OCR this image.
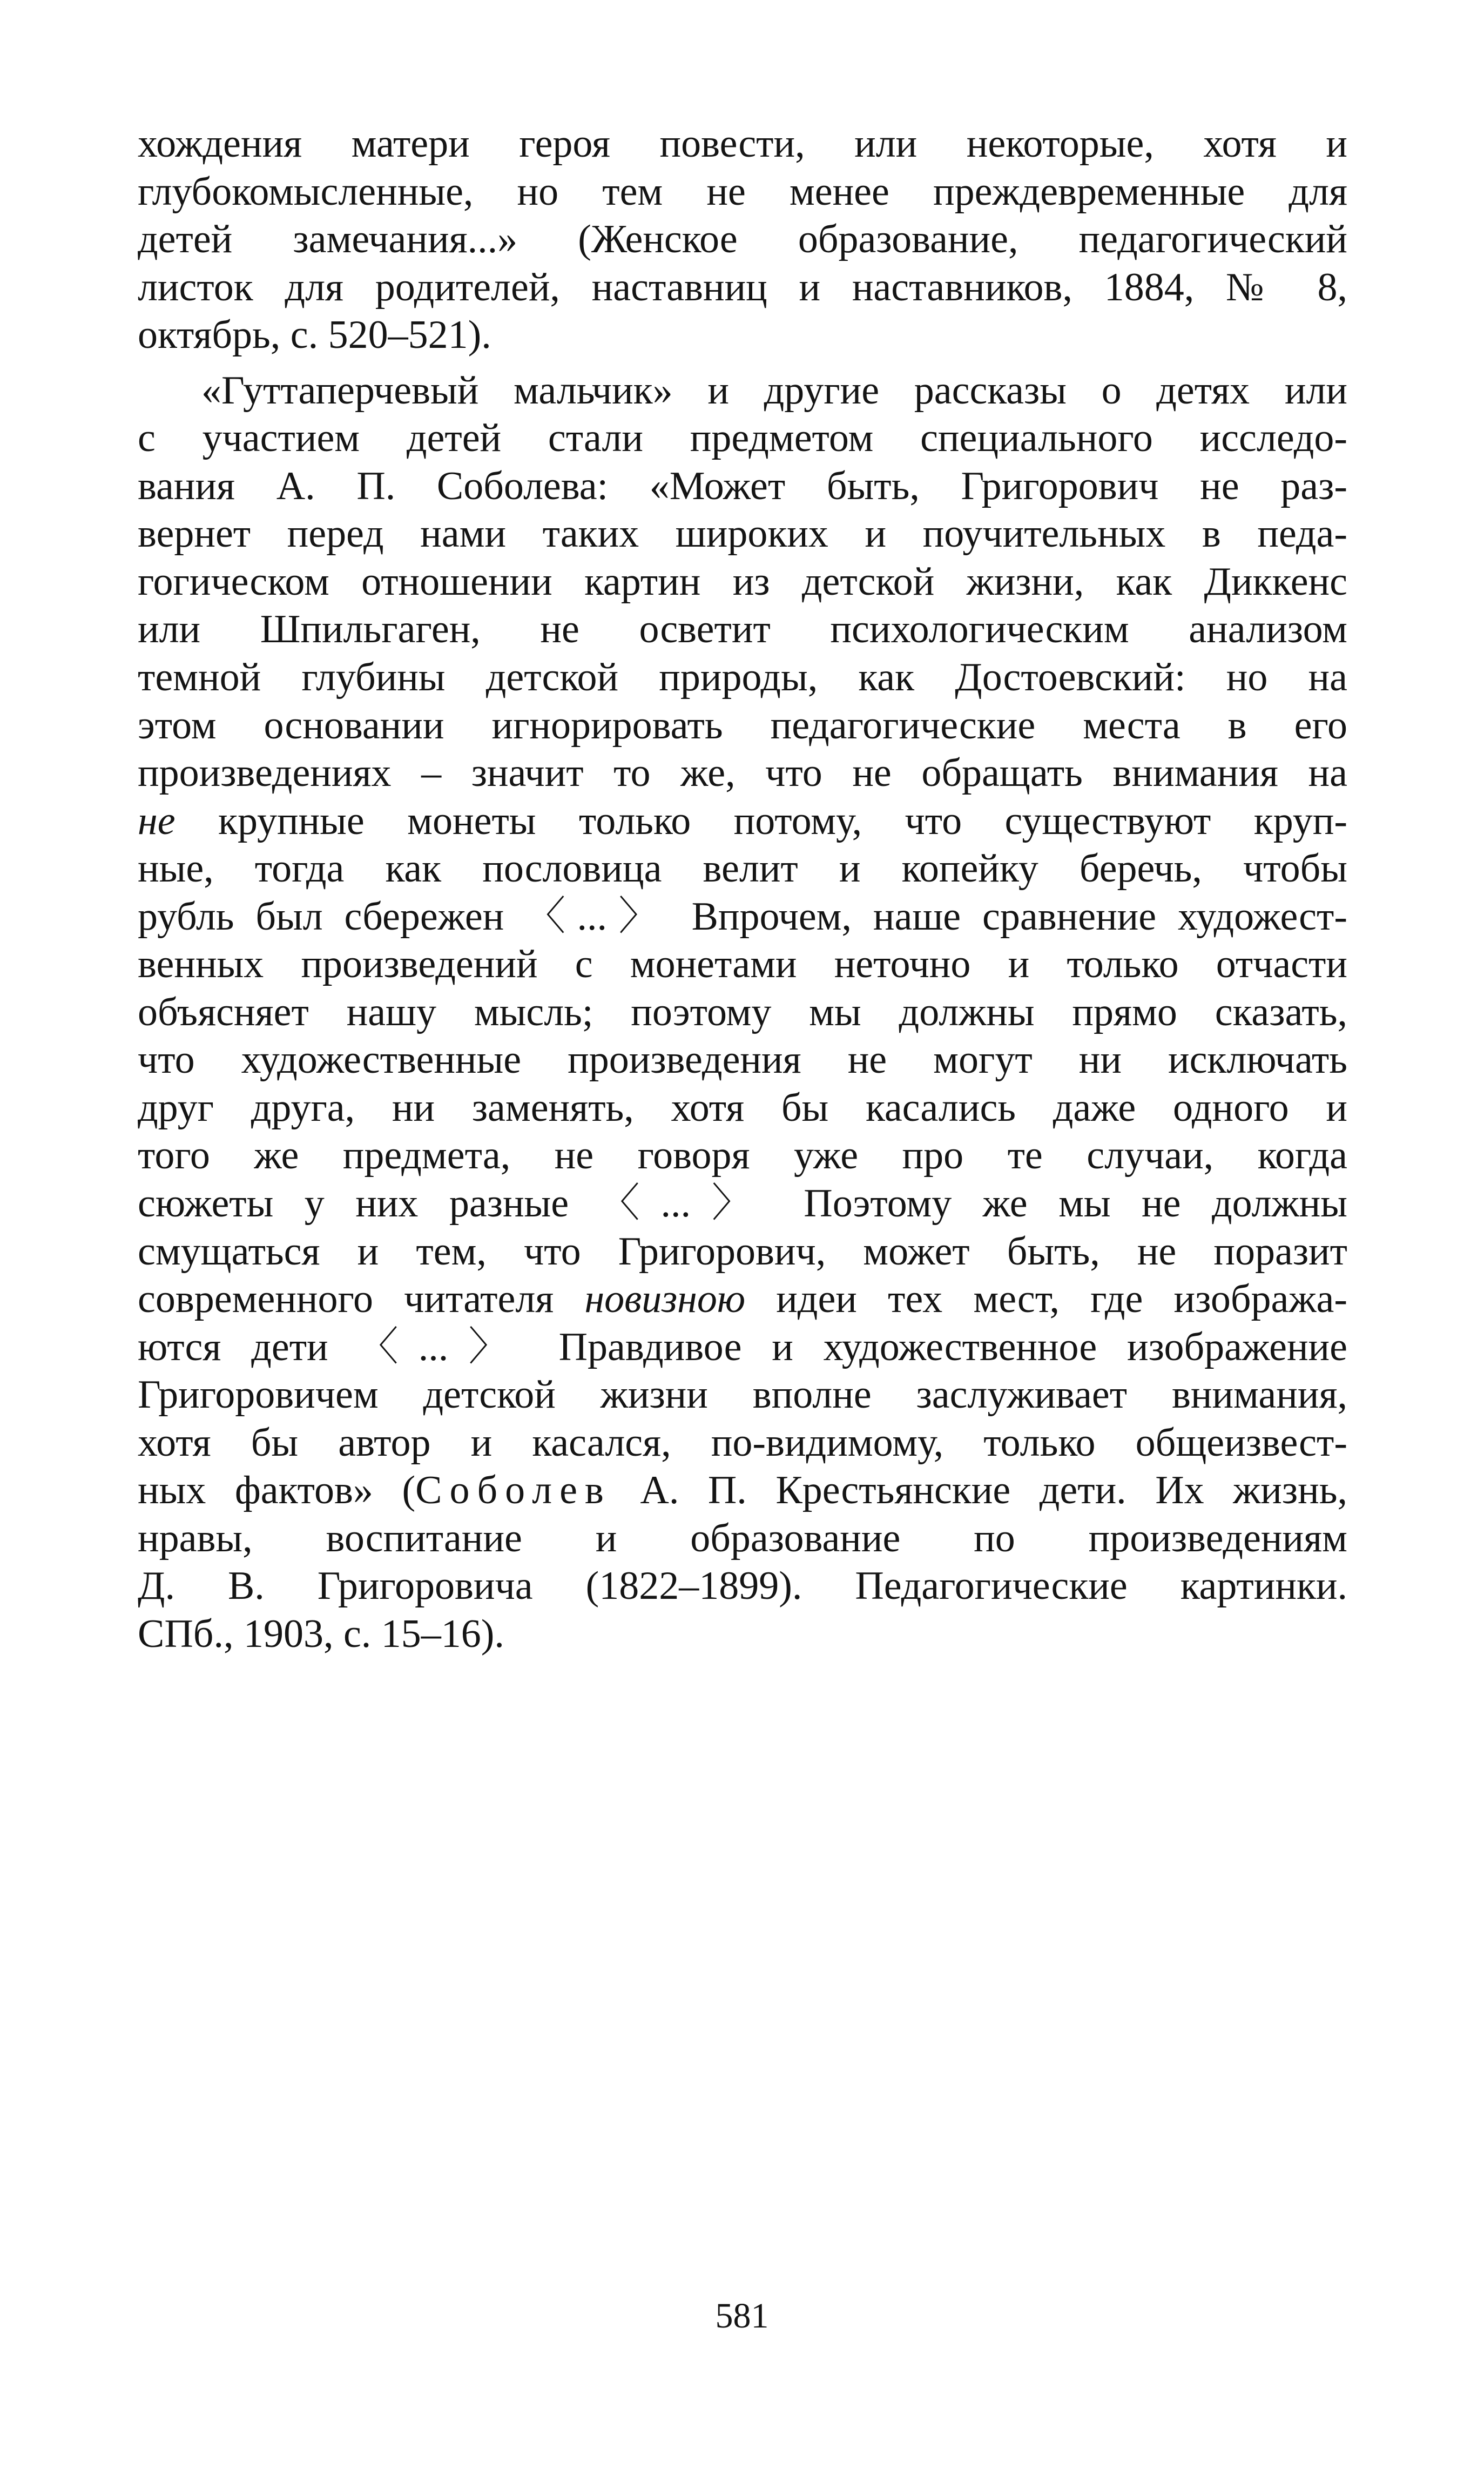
хождения матери героя повести, или некоторые, хотя и
глубокомысленные, но тем не менее преждевременные для
детей замечания...» (Женское образование, педагогический
листок для родителей, наставниц и наставников, 1884, № 8,
октябрь, с. 520–521).
«Гуттаперчевый мальчик» и другие рассказы о детях или
с участием детей стали предметом специального исследо-
вания А. П. Соболева: «Может быть, Григорович не раз-
вернет перед нами таких широких и поучительных в педа-
гогическом отношении картин из детской жизни, как Диккенс
или Шпильгаген, не осветит психологическим анализом
темной глубины детской природы, как Достоевский: но на
этом основании игнорировать педагогические места в его
произведениях – значит то же, что не обращать внимания на
не крупные монеты только потому, что существуют круп-
ные, тогда как пословица велит и копейку беречь, чтобы
рубль был сбережен 〈...〉 Впрочем, наше сравнение художест-
венных произведений с монетами неточно и только отчасти
объясняет нашу мысль; поэтому мы должны прямо сказать,
что художественные произведения не могут ни исключать
друг друга, ни заменять, хотя бы касались даже одного и
того же предмета, не говоря уже про те случаи, когда
сюжеты у них разные 〈...〉 Поэтому же мы не должны
смущаться и тем, что Григорович, может быть, не поразит
современного читателя новизною идеи тех мест, где изобража-
ются дети 〈...〉 Правдивое и художественное изображение
Григоровичем детской жизни вполне заслуживает внимания,
хотя бы автор и касался, по-видимому, только общеизвест-
ных фактов» (Соболев А. П. Крестьянские дети. Их жизнь,
нравы, воспитание и образование по произведениям
Д. В. Григоровича (1822–1899). Педагогические картинки.
СПб., 1903, с. 15–16).
581
